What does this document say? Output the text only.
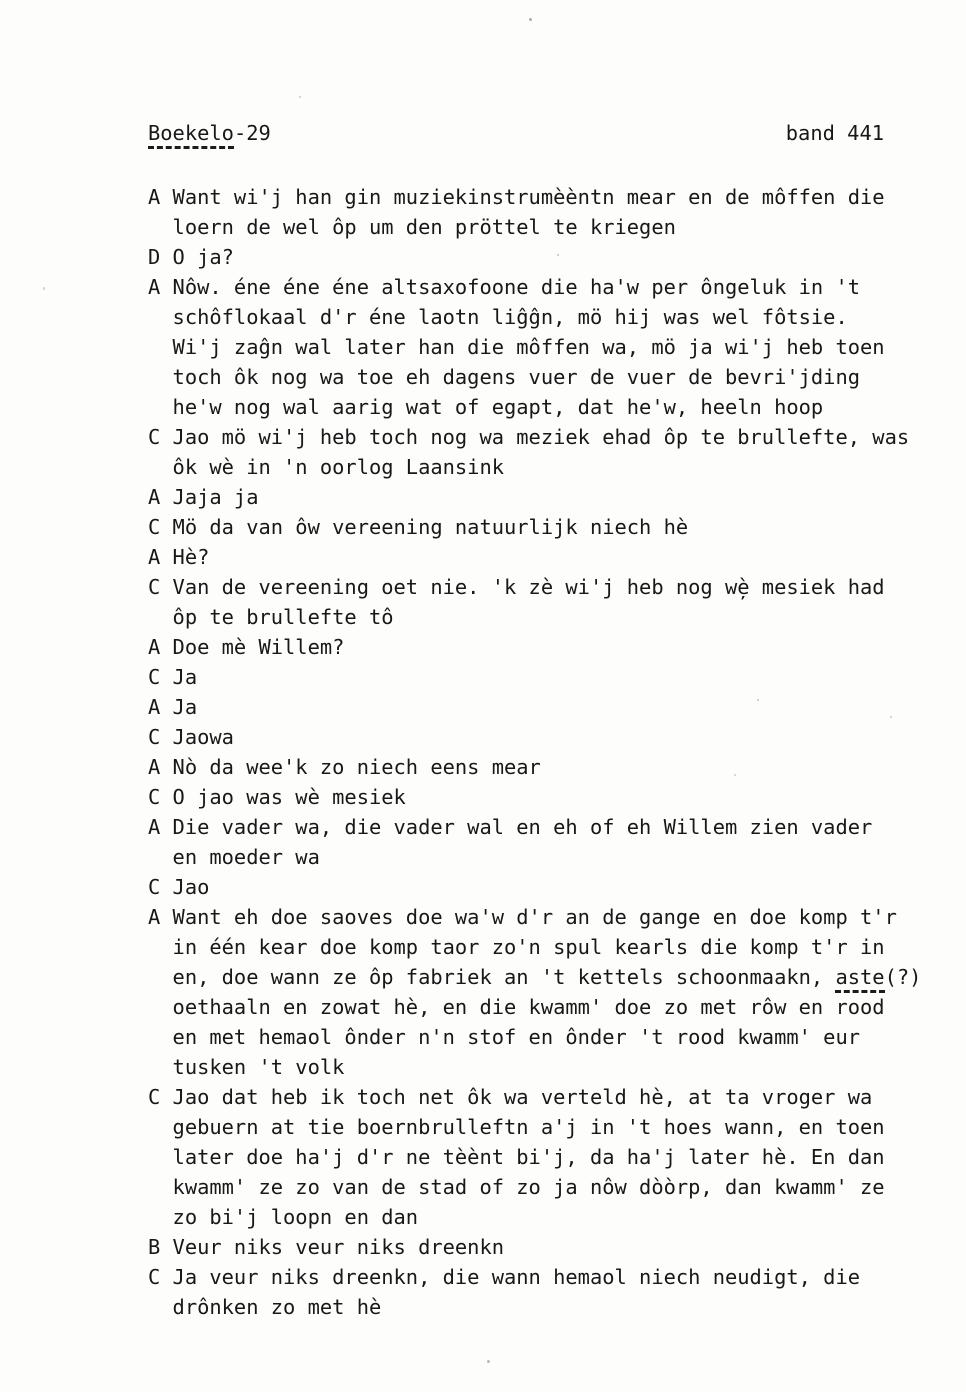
Boekelo-29	band 441
A Want wi'j han gin muziekinstrumèèntn mear en de môffen die
loern de wel ôp um den pröttel te kriegen
D O ja?
A Nôw. éne éne éne altsaxofoone die ha'w per ôngeluk in 't
schôflokaal d'r éne laotn liĝĝn, mö hij was wel fôtsie.
Wi'j zaĝn wal later han die môffen wa, mö ja wi'j heb toen
toch ôk nog wa toe eh dagens vuer de vuer de bevri'jding
he'w nog wal aarig wat of egapt, dat he'w, heeln hoop
C Jao mö wi'j heb toch nog wa meziek ehad ôp te brullefte, was
ôk wè in 'n oorlog Laansink
A Jaja ja
C Mö da van ôw vereening natuurlijk niech hè
A Hè?
C Van de vereening oet nie. 'k zè wi'j heb nog wè̦ mesiek had
ôp te brullefte tô
A Doe mè Willem?
C Ja
A Ja
C Jaowa
A Nò da wee'k zo niech eens mear
C O jao was wè mesiek
A Die vader wa, die vader wal en eh of eh Willem zien vader
en moeder wa
C Jao
A Want eh doe saoves doe wa'w d'r an de gange en doe komp t'r
in één kear doe komp taor zo'n spul kearls die komp t'r in
en, doe wann ze ôp fabriek an 't kettels schoonmaakn, aste(?)
oethaaln en zowat hè, en die kwamm' doe zo met rôw en rood
en met hemaol ônder n'n stof en ônder 't rood kwamm' eur
tusken 't volk
C Jao dat heb ik toch net ôk wa verteld hè, at ta vroger wa
gebuern at tie boernbrulleftn a'j in 't hoes wann, en toen
later doe ha'j d'r ne tèènt bi'j, da ha'j later hè. En dan
kwamm' ze zo van de stad of zo ja nôw dòòrp, dan kwamm' ze
zo bi'j loopn en dan
B Veur niks veur niks dreenkn
C Ja veur niks dreenkn, die wann hemaol niech neudigt, die
drônken zo met hè
